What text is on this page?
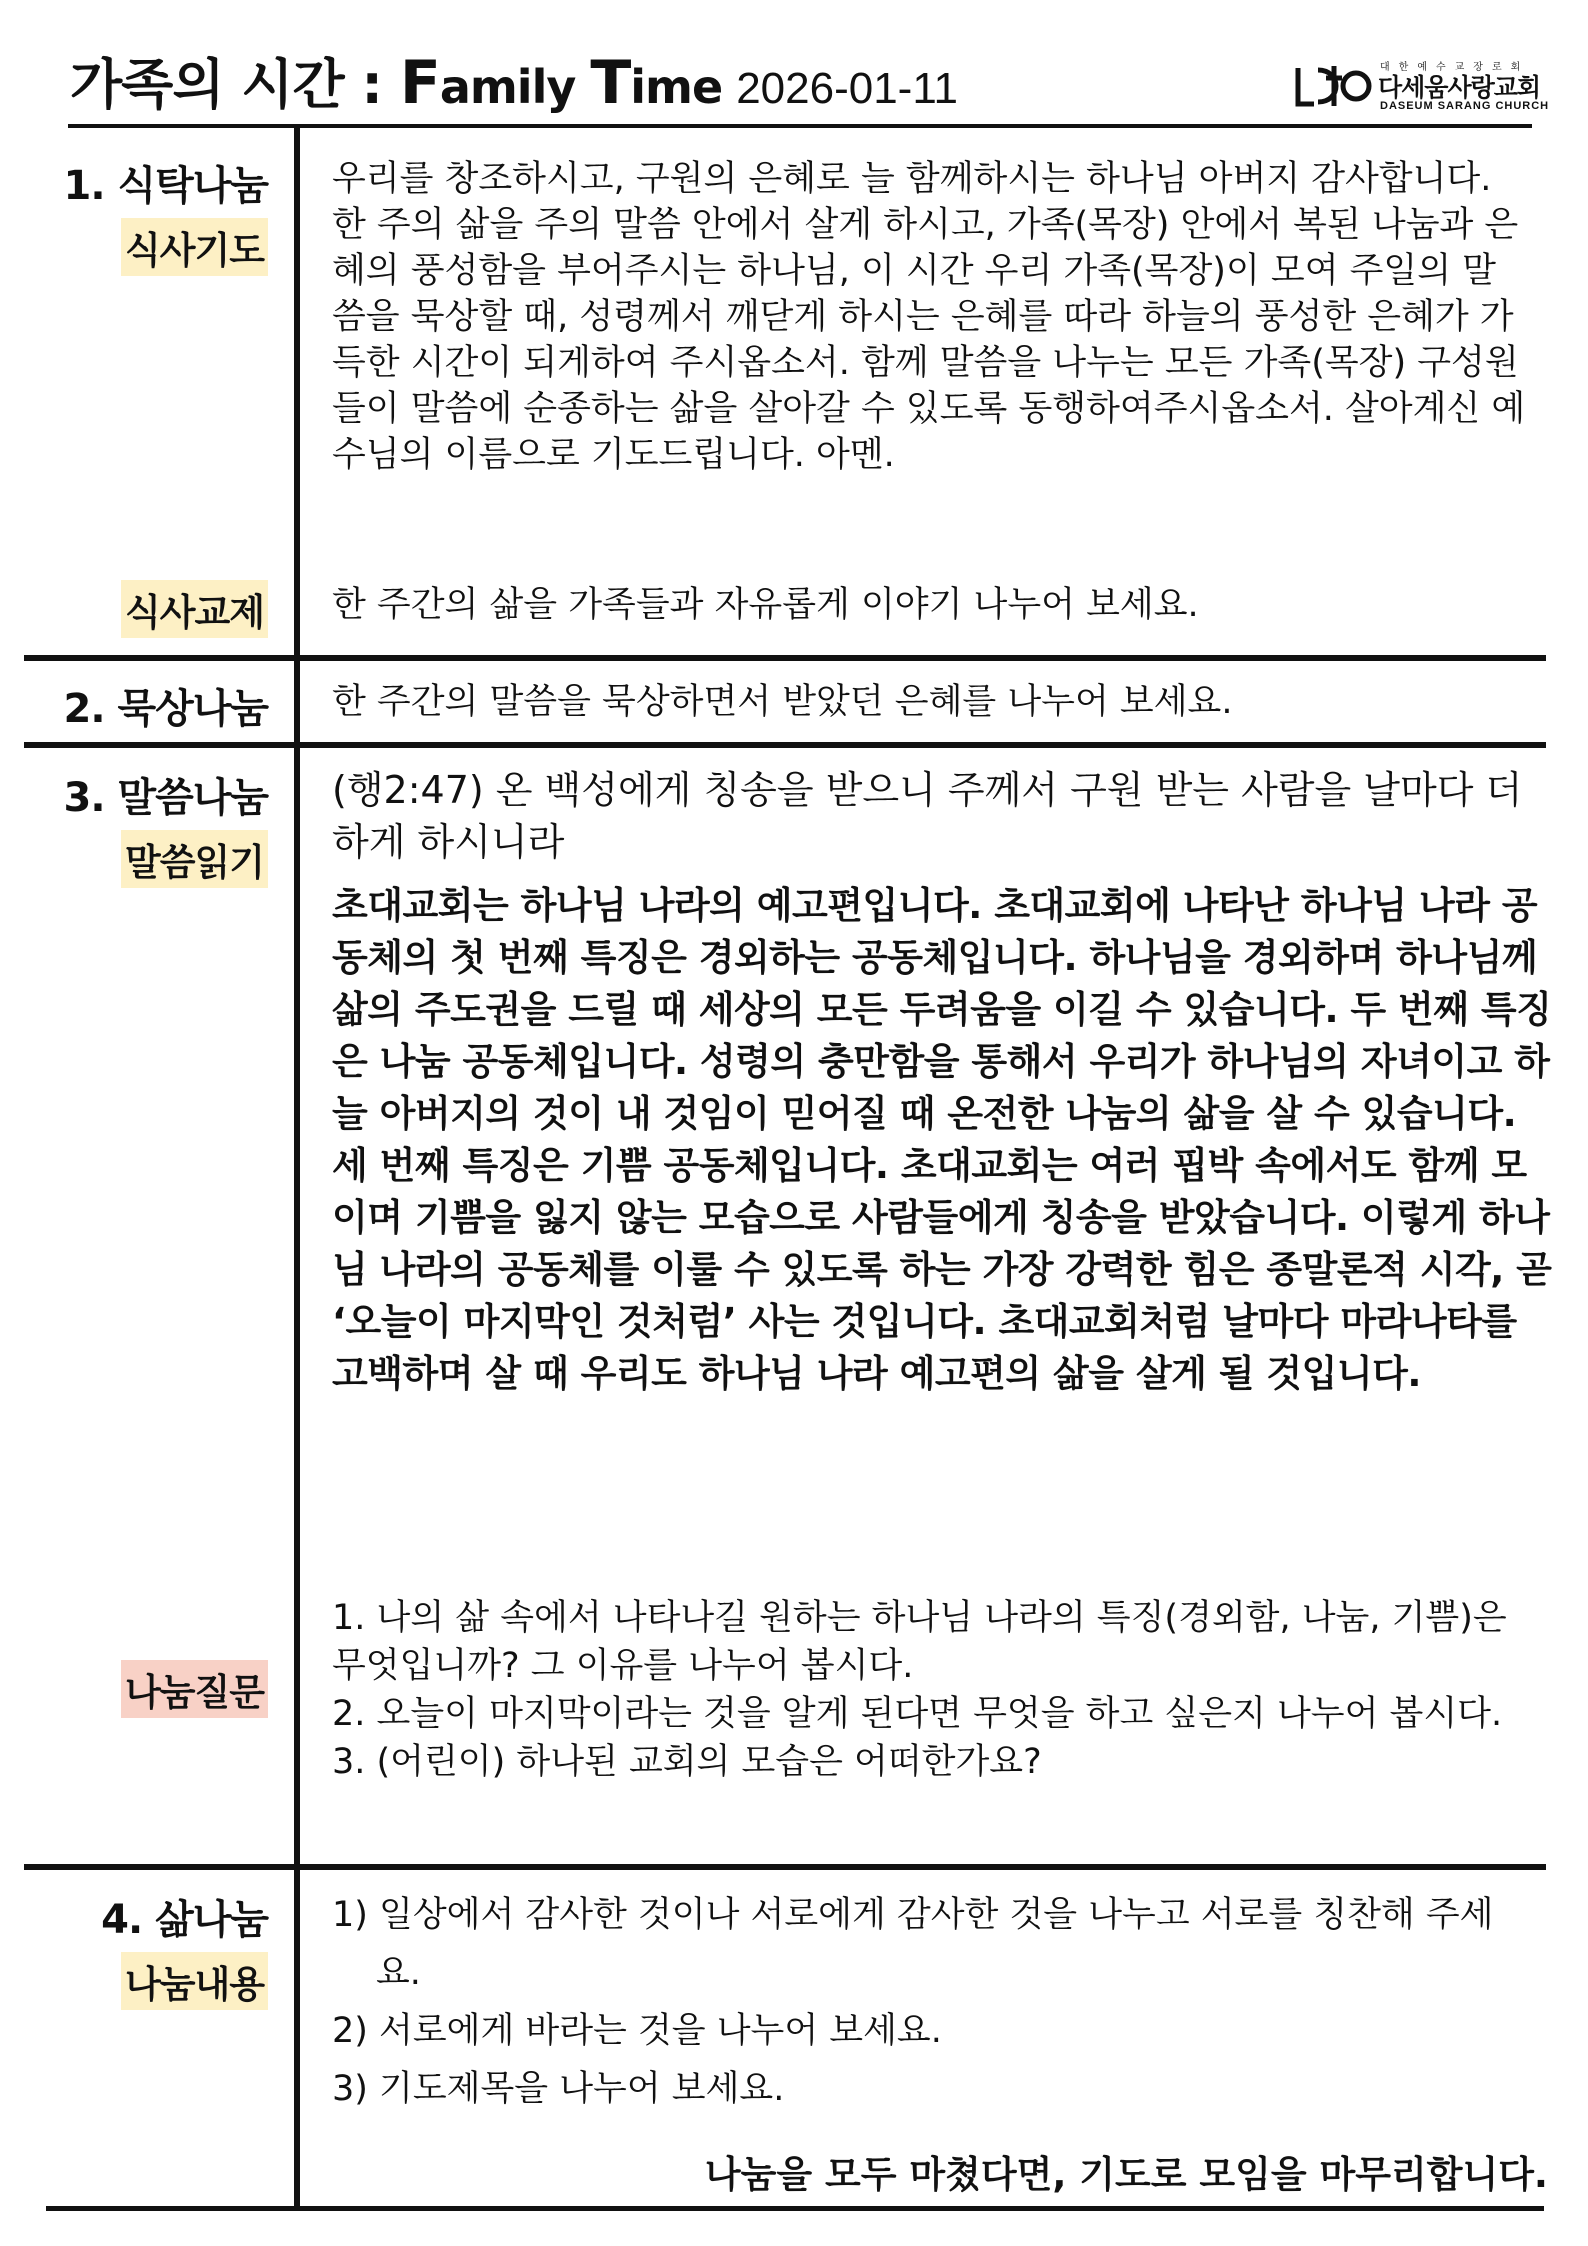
가족의 시간 : Family Time 2026-01-11	대한예수교장로회
다세움사랑교회
DASEUM SARANG CHURCH
1. 식탁나눔
식사기도

우리를 창조하시고, 구원의 은혜로 늘 함께하시는 하나님 아버지 감사합니다. 한 주의 삶을 주의 말씀 안에서 살게 하시고, 가족(목장) 안에서 복된 나눔과 은혜의 풍성함을 부어주시는 하나님, 이 시간 우리 가족(목장)이 모여 주일의 말씀을 묵상할 때, 성령께서 깨닫게 하시는 은혜를 따라 하늘의 풍성한 은혜가 가득한 시간이 되게하여 주시옵소서. 함께 말씀을 나누는 모든 가족(목장) 구성원들이 말씀에 순종하는 삶을 살아갈 수 있도록 동행하여주시옵소서. 살아계신 예수님의 이름으로 기도드립니다. 아멘.

식사교제 한 주간의 삶을 가족들과 자유롭게 이야기 나누어 보세요.

2. 묵상나눔 한 주간의 말씀을 묵상하면서 받았던 은혜를 나누어 보세요.

3. 말씀나눔
말씀읽기

(행2:47) 온 백성에게 칭송을 받으니 주께서 구원 받는 사람을 날마다 더하게 하시니라

초대교회는 하나님 나라의 예고편입니다. 초대교회에 나타난 하나님 나라 공동체의 첫 번째 특징은 경외하는 공동체입니다. 하나님을 경외하며 하나님께 삶의 주도권을 드릴 때 세상의 모든 두려움을 이길 수 있습니다. 두 번째 특징은 나눔 공동체입니다. 성령의 충만함을 통해서 우리가 하나님의 자녀이고 하늘 아버지의 것이 내 것임이 믿어질 때 온전한 나눔의 삶을 살 수 있습니다. 세 번째 특징은 기쁨 공동체입니다. 초대교회는 여러 핍박 속에서도 함께 모이며 기쁨을 잃지 않는 모습으로 사람들에게 칭송을 받았습니다. 이렇게 하나님 나라의 공동체를 이룰 수 있도록 하는 가장 강력한 힘은 종말론적 시각, 곧 ‘오늘이 마지막인 것처럼’ 사는 것입니다. 초대교회처럼 날마다 마라나타를 고백하며 살 때 우리도 하나님 나라 예고편의 삶을 살게 될 것입니다.

나눔질문
1. 나의 삶 속에서 나타나길 원하는 하나님 나라의 특징(경외함, 나눔, 기쁨)은 무엇입니까? 그 이유를 나누어 봅시다.
2. 오늘이 마지막이라는 것을 알게 된다면 무엇을 하고 싶은지 나누어 봅시다.
3. (어린이) 하나된 교회의 모습은 어떠한가요?
4. 삶나눔
나눔내용
1) 일상에서 감사한 것이나 서로에게 감사한 것을 나누고 서로를 칭찬해 주세요.
2) 서로에게 바라는 것을 나누어 보세요.
3) 기도제목을 나누어 보세요.
나눔을 모두 마쳤다면, 기도로 모임을 마무리합니다.
